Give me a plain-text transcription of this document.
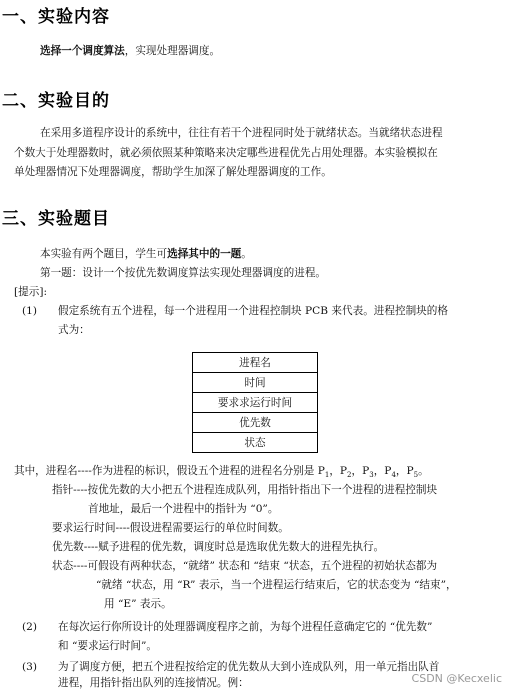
一、实验内容

选择一个调度算法，实现处理器调度。

二、实验目的

在采用多道程序设计的系统中，往往有若干个进程同时处于就绪状态。当就绪状态进程

个数大于处理器数时，就必须依照某种策略来决定哪些进程优先占用处理器。本实验模拟在

单处理器情况下处理器调度，帮助学生加深了解处理器调度的工作。

三、实验题目

本实验有两个题目，学生可选择其中的一题。

第一题：设计一个按优先数调度算法实现处理器调度的进程。

[提示]:

(1) 假定系统有五个进程，每一个进程用一个进程控制块 PCB 来代表。进程控制块的格

式为：

进程名
时间
要求求运行时间
优先数
状态

其中，进程名----作为进程的标识，假设五个进程的进程名分别是 $P_1$，$P_2$，$P_3$，$P_4$，$P_5$。

指针----按优先数的大小把五个进程连成队列，用指针指出下一个进程的进程控制块

首地址，最后一个进程中的指针为 “0”。

要求运行时间----假设进程需要运行的单位时间数。

优先数----赋予进程的优先数，调度时总是选取优先数大的进程先执行。

状态----可假设有两种状态，“就绪” 状态和 “结束 “状态，五个进程的初始状态都为

“就绪 “状态，用 “R” 表示，当一个进程运行结束后，它的状态变为 “结束”，

用 “E” 表示。

(2) 在每次运行你所设计的处理器调度程序之前，为每个进程任意确定它的 “优先数”

和 “要求运行时间”。

(3) 为了调度方便，把五个进程按给定的优先数从大到小连成队列，用一单元指出队首

进程，用指针指出队列的连接情况。例：	CSDN @Kecxelic
